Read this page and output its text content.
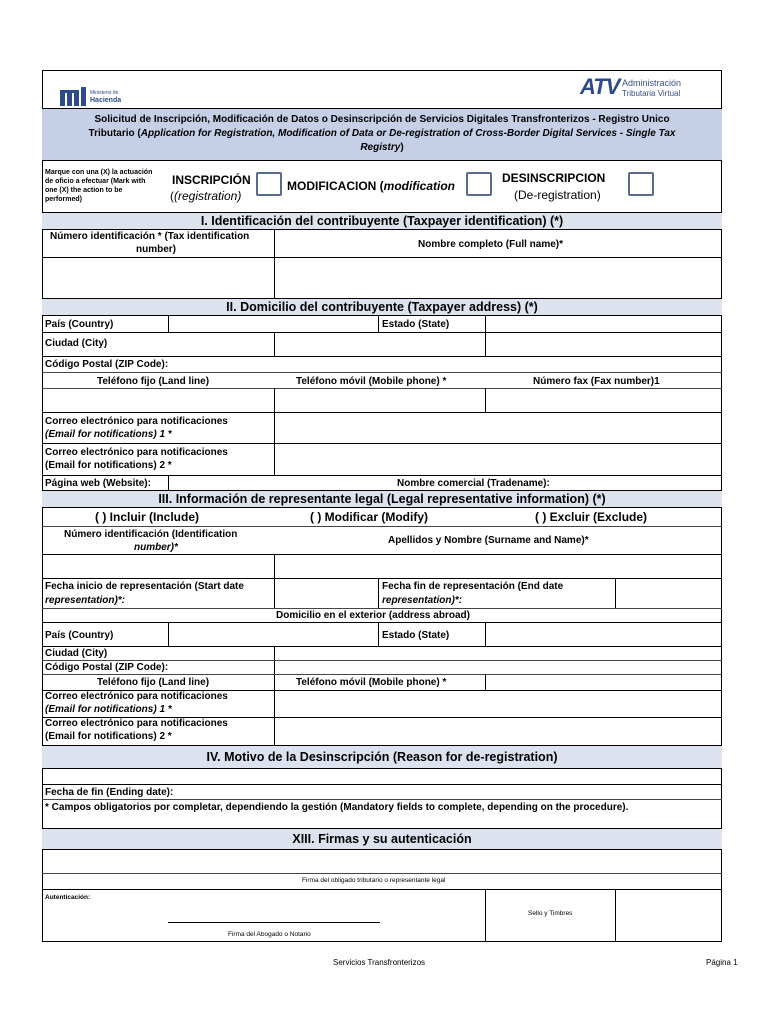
Ministerio de
Hacienda
ATV Administración
Tributaria Virtual
Solicitud de Inscripción, Modificación de Datos o Desinscripción de Servicios Digitales Transfronterizos - Registro Unico
Tributario (Application for Registration, Modification of Data or De-registration of Cross-Border Digital Services - Single Tax
Registry)
Marque con una (X) la actuación de oficio a efectuar (Mark with one (X) the action to be performed)
INSCRIPCIÓN
((registration)
MODIFICACION (modification
DESINSCRIPCION
(De-registration)
I. Identificación del contribuyente (Taxpayer identification) (*)
Número identificación * (Tax identification
number)	Nombre completo (Full name)*
II. Domicilio del contribuyente (Taxpayer address) (*)
País (Country)	Estado (State)
Ciudad (City)
Código Postal (ZIP Code):
Teléfono fijo (Land line)	Teléfono móvil (Mobile phone) *	Número fax (Fax number)1
Correo electrónico para notificaciones
(Email for notifications) 1 *
Correo electrónico para notificaciones
(Email for notifications) 2 *
Página web (Website):	Nombre comercial (Tradename):
III. Información de representante legal (Legal representative information) (*)
( ) Incluir (Include)	( ) Modificar (Modify)	( ) Excluir (Exclude)
Número identificación (Identification
number)*
Apellidos y Nombre (Surname and Name)*
Fecha inicio de representación (Start date
representation)*:
Fecha fin de representación (End date
representation)*:
Domicilio en el exterior (address abroad)
País (Country)	Estado (State)
Ciudad (City)
Código Postal (ZIP Code):
Teléfono fijo (Land line)	Teléfono móvil (Mobile phone) *
Correo electrónico para notificaciones
(Email for notifications) 1 *
Correo electrónico para notificaciones
(Email for notifications) 2 *
IV. Motivo de la Desinscripción (Reason for de-registration)
Fecha de fin (Ending date):
* Campos obligatorios por completar, dependiendo la gestión (Mandatory fields to complete, depending on the procedure).
XIII. Firmas y su autenticación
Firma del obligado tributario o representante legal
Autenticación:
Sello y Timbres
Firma del Abogado o Notario
Servicios Transfronterizos	Página 1
